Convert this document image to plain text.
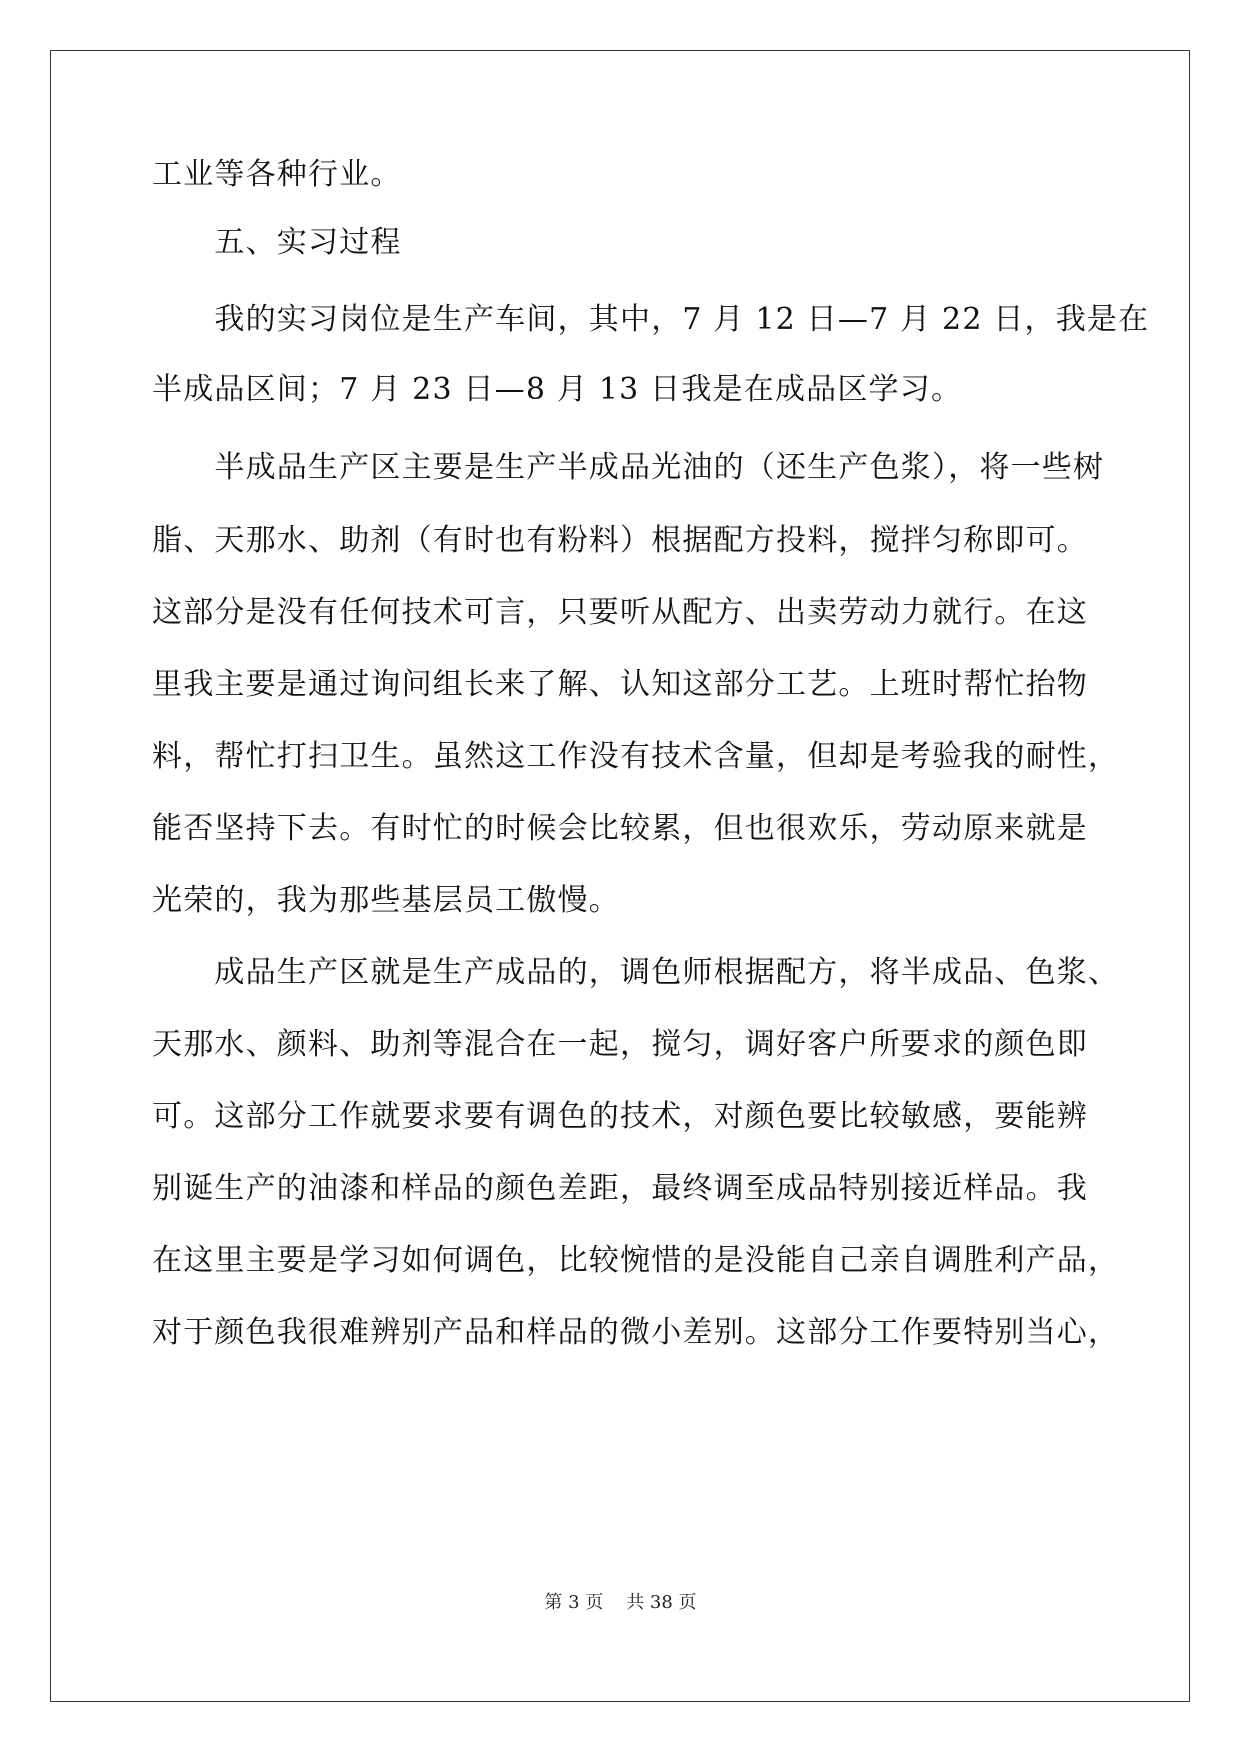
工业等各种行业。
　　五、实习过程
　　我的实习岗位是生产车间，其中，7 月 12 日—7 月 22 日，我是在
半成品区间；7 月 23 日—8 月 13 日我是在成品区学习。
　　半成品生产区主要是生产半成品光油的（还生产色浆），将一些树
脂、天那水、助剂（有时也有粉料）根据配方投料，搅拌匀称即可。
这部分是没有任何技术可言，只要听从配方、出卖劳动力就行。在这
里我主要是通过询问组长来了解、认知这部分工艺。上班时帮忙抬物
料，帮忙打扫卫生。虽然这工作没有技术含量，但却是考验我的耐性，
能否坚持下去。有时忙的时候会比较累，但也很欢乐，劳动原来就是
光荣的，我为那些基层员工傲慢。
　　成品生产区就是生产成品的，调色师根据配方，将半成品、色浆、
天那水、颜料、助剂等混合在一起，搅匀，调好客户所要求的颜色即
可。这部分工作就要求要有调色的技术，对颜色要比较敏感，要能辨
别诞生产的油漆和样品的颜色差距，最终调至成品特别接近样品。我
在这里主要是学习如何调色，比较惋惜的是没能自己亲自调胜利产品，
对于颜色我很难辨别产品和样品的微小差别。这部分工作要特别当心，
第 3 页    共 38 页
